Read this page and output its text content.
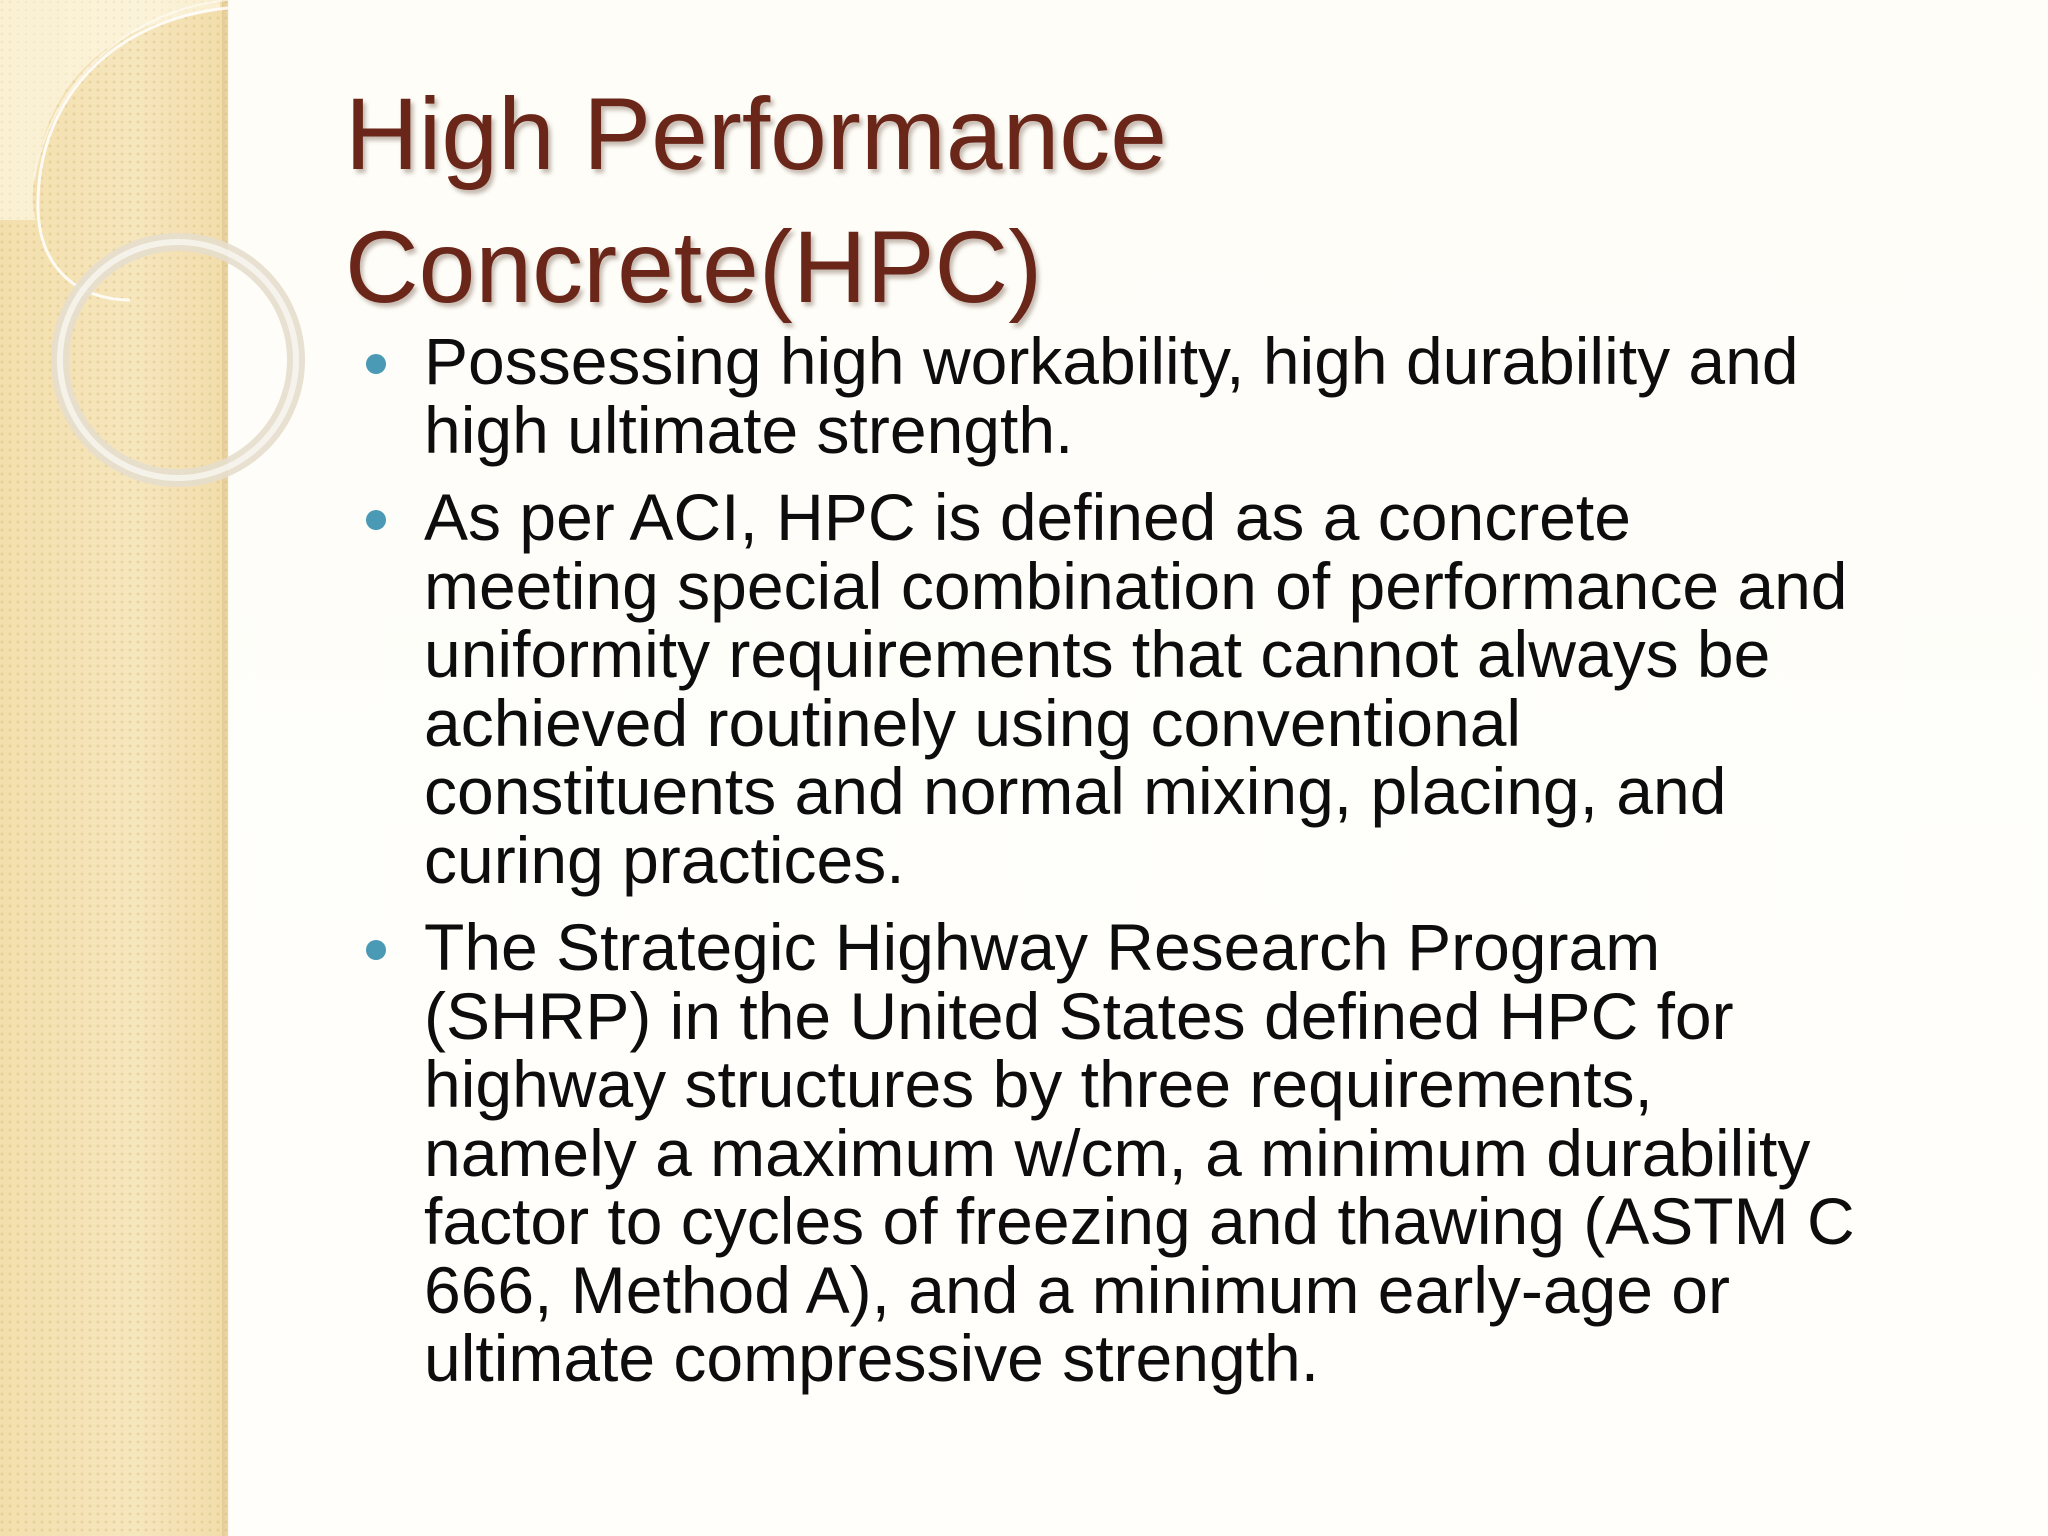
High Performance
Concrete(HPC)
Possessing high workability, high durability and
high ultimate strength.
As per ACI, HPC is defined as a concrete
meeting special combination of performance and
uniformity requirements that cannot always be
achieved routinely using conventional
constituents and normal mixing, placing, and
curing practices.
The Strategic Highway Research Program
(SHRP) in the United States defined HPC for
highway structures by three requirements,
namely a maximum w/cm, a minimum durability
factor to cycles of freezing and thawing (ASTM C
666, Method A), and a minimum early-age or
ultimate compressive strength.
